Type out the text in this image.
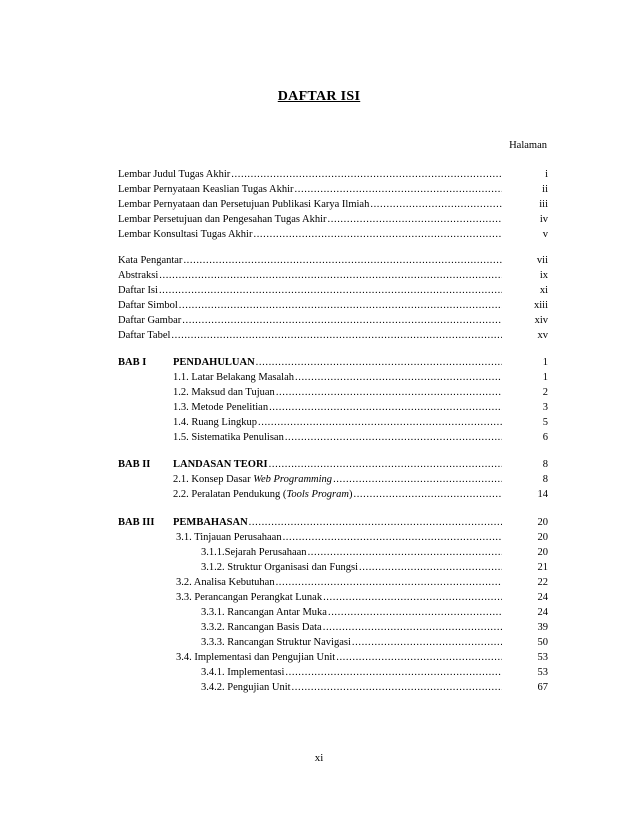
DAFTAR ISI
Halaman
Lembar Judul Tugas Akhir .....	i
Lembar Pernyataan Keaslian Tugas Akhir .....	ii
Lembar Pernyataan dan Persetujuan Publikasi Karya Ilmiah .....	iii
Lembar Persetujuan dan Pengesahan Tugas Akhir .....	iv
Lembar Konsultasi Tugas Akhir .....	v
Kata Pengantar .....	vii
Abstraksi .....	ix
Daftar Isi .....	xi
Daftar Simbol .....	xiii
Daftar Gambar .....	xiv
Daftar Tabel .....	xv
BAB I	PENDAHULUAN .....	1
1.1. Latar Belakang Masalah .....	1
1.2. Maksud dan Tujuan .....	2
1.3. Metode Penelitian .....	3
1.4. Ruang Lingkup .....	5
1.5. Sistematika Penulisan .....	6
BAB II LANDASAN TEORI .....	8
2.1. Konsep Dasar Web Programming .....	8
2.2. Peralatan Pendukung (Tools Program) .....	14
BAB III PEMBAHASAN .....	20
3.1. Tinjauan Perusahaan .....	20
3.1.1.Sejarah Perusahaan .....	20
3.1.2. Struktur Organisasi dan Fungsi .....	21
3.2. Analisa Kebutuhan .....	22
3.3. Perancangan Perangkat Lunak .....	24
3.3.1. Rancangan Antar Muka .....	24
3.3.2. Rancangan Basis Data .....	39
3.3.3. Rancangan Struktur Navigasi .....	50
3.4. Implementasi dan Pengujian Unit .....	53
3.4.1. Implementasi .....	53
3.4.2. Pengujian Unit .....	67
xi
